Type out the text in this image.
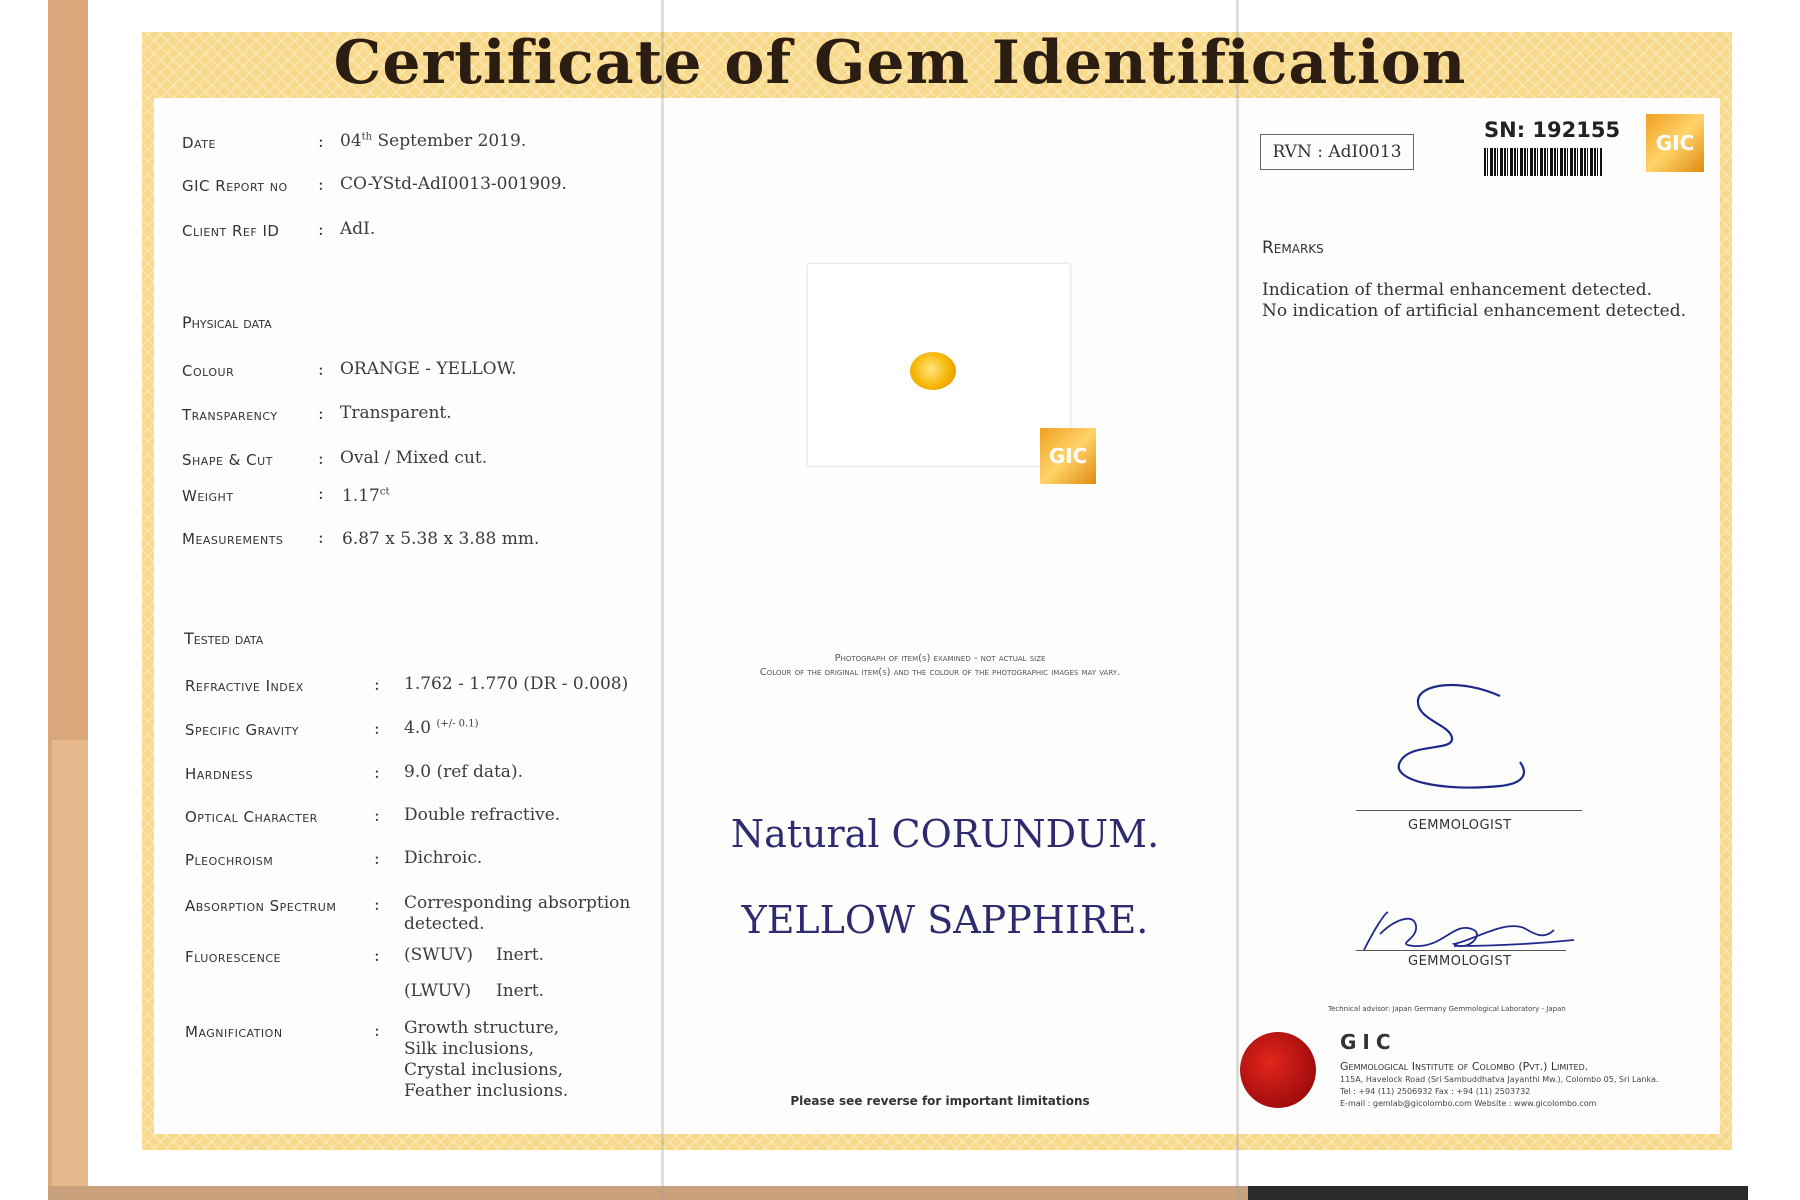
Certificate of Gem Identification
Date	: 04th September 2019.
GIC Report no : CO-YStd-AdI0013-001909.
Client Ref ID : AdI.
Physical data
Colour	: ORANGE - YELLOW.
Transparency : Transparent.
Shape & Cut	: Oval / Mixed cut.
Weight	: $1.17^{ct}$
Measurements : 6.87 x 5.38 x 3.88 mm.
Tested data
Refractive Index	: 1.762 - 1.770 (DR - 0.008)
Specific Gravity	: 4.0 $^{(+/- 0.1)}$
Hardness	: 9.0 (ref data).
Optical Character	: Double refractive.
Pleochroism	: Dichroic.
Absorption Spectrum : Corresponding absorption
detected.
Fluorescence	: (SWUV) Inert.
(LWUV) Inert.
Magnification	: Growth structure,
Silk inclusions,
Crystal inclusions,
Feather inclusions.
GIC
Photograph of item(s) examined - not actual size
Colour of the original item(s) and the colour of the photographic images may vary.
Natural CORUNDUM.
YELLOW SAPPHIRE.
Please see reverse for important limitations
RVN : AdI0013
SN: 192155
GIC
Remarks
Indication of thermal enhancement detected.
No indication of artificial enhancement detected.
GEMMOLOGIST
GEMMOLOGIST
Technical advisor: Japan Germany Gemmological Laboratory - Japan
GIC
Gemmological Institute of Colombo (Pvt.) Limited.
115A, Havelock Road (Sri Sambuddhatva Jayanthi Mw.), Colombo 05, Sri Lanka.
Tel : +94 (11) 2506932 Fax : +94 (11) 2503732
E-mail : gemlab@gicolombo.com Website : www.gicolombo.com
